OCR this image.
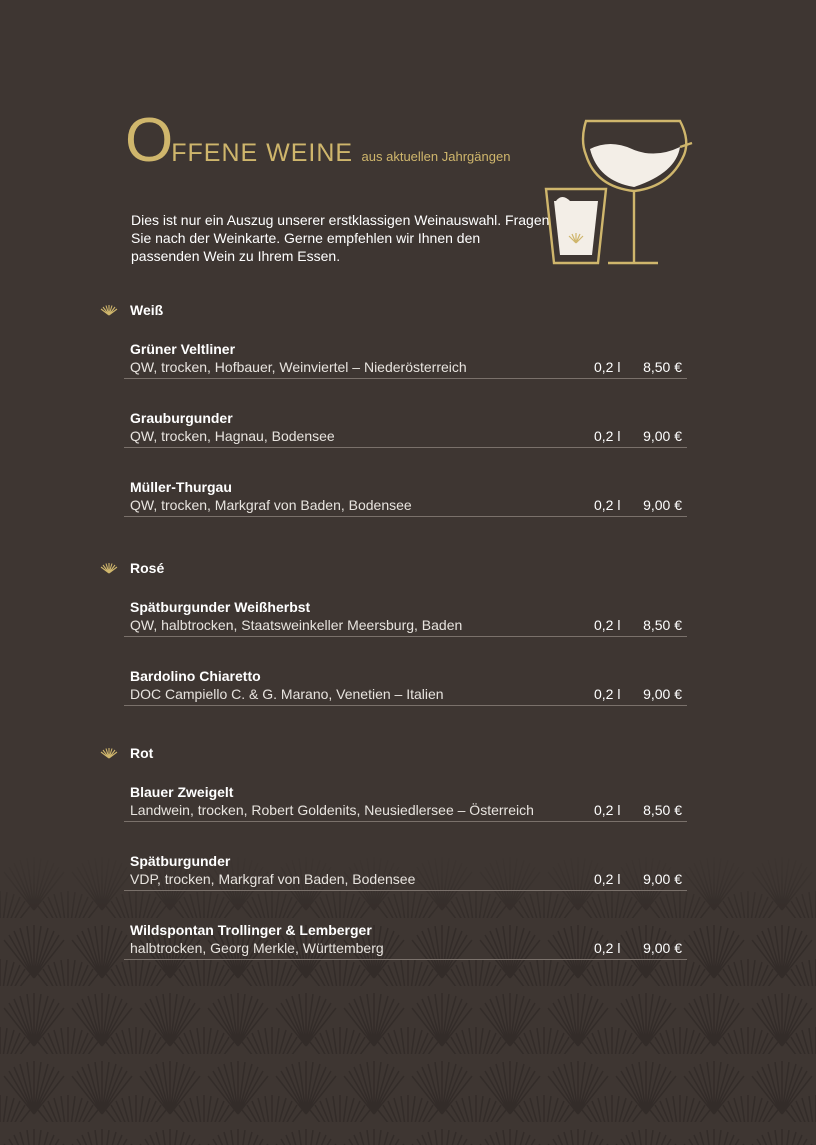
OFFENE WEINE aus aktuellen Jahrgängen
Dies ist nur ein Auszug unserer erstklassigen Weinauswahl. Fragen Sie nach der Weinkarte. Gerne empfehlen wir Ihnen den passenden Wein zu Ihrem Essen.
Weiß
Grüner Veltliner
QW, trocken, Hofbauer, Weinviertel – Niederösterreich	0,2 l 8,50 €
Grauburgunder
QW, trocken, Hagnau, Bodensee	0,2 l 9,00 €
Müller-Thurgau
QW, trocken, Markgraf von Baden, Bodensee	0,2 l 9,00 €
Rosé
Spätburgunder Weißherbst
QW, halbtrocken, Staatsweinkeller Meersburg, Baden	0,2 l 8,50 €
Bardolino Chiaretto
DOC Campiello C. & G. Marano, Venetien – Italien	0,2 l 9,00 €
Rot
Blauer Zweigelt
Landwein, trocken, Robert Goldenits, Neusiedlersee – Österreich	0,2 l 8,50 €
Spätburgunder
VDP, trocken, Markgraf von Baden, Bodensee	0,2 l 9,00 €
Wildspontan Trollinger & Lemberger
halbtrocken, Georg Merkle, Württemberg	0,2 l 9,00 €
